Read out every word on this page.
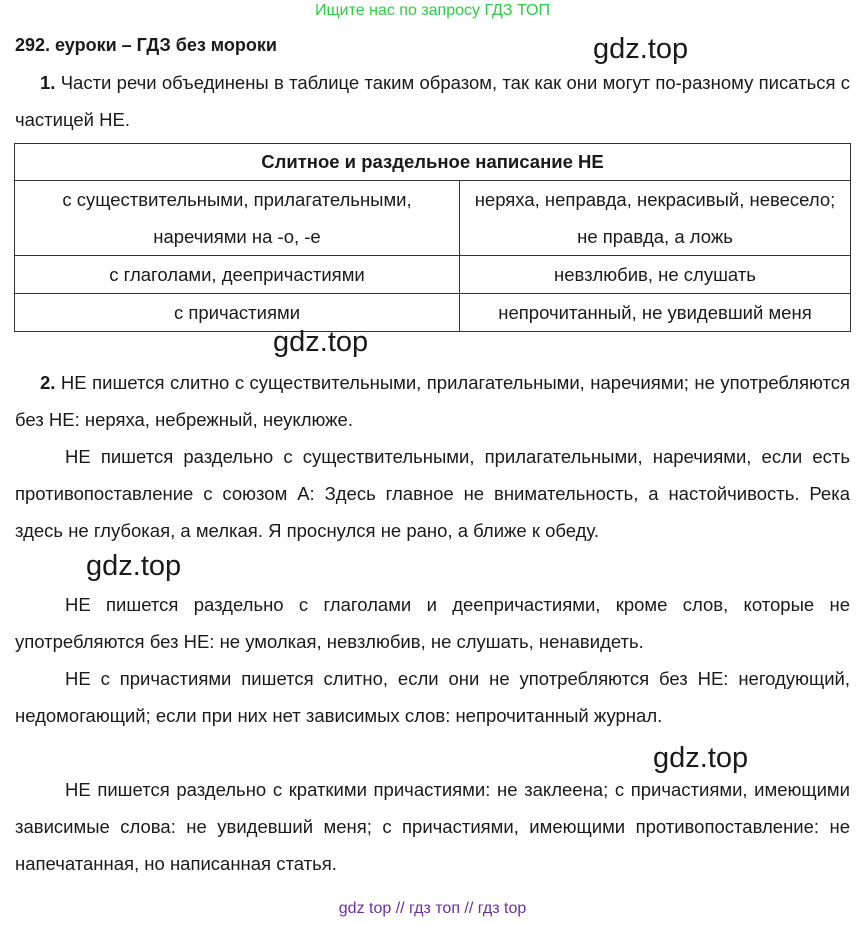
Ищите нас по запросу ГДЗ ТОП
292. еуроки – ГДЗ без мороки	gdz.top

1. Части речи объединены в таблице таким образом, так как они могут по-разному писаться с частицей НЕ.

Слитное и раздельное написание НЕ	
с существительными, прилагательными, наречиями на -о, -е	неряха, неправда, некрасивый, невесело; не правда, а ложь
с глаголами, деепричастиями	невзлюбив, не слушать
с причастиями	непрочитанный, не увидевший меня
gdz.top

2. НЕ пишется слитно с существительными, прилагательными, наречиями; не употребляются без НЕ: неряха, небрежный, неуклюже.

НЕ пишется раздельно с существительными, прилагательными, наречиями, если есть противопоставление с союзом А: Здесь главное не внимательность, а настойчивость. Река здесь не глубокая, а мелкая. Я проснулся не рано, а ближе к обеду.

gdz.top

НЕ пишется раздельно с глаголами и деепричастиями, кроме слов, которые не употребляются без НЕ: не умолкая, невзлюбив, не слушать, ненавидеть.

НЕ с причастиями пишется слитно, если они не употребляются без НЕ: негодующий, недомогающий; если при них нет зависимых слов: непрочитанный журнал.

gdz.top

НЕ пишется раздельно с краткими причастиями: не заклеена; с причастиями, имеющими зависимые слова: не увидевший меня; с причастиями, имеющими противопоставление: не напечатанная, но написанная статья.

gdz top // гдз топ // гдз top
